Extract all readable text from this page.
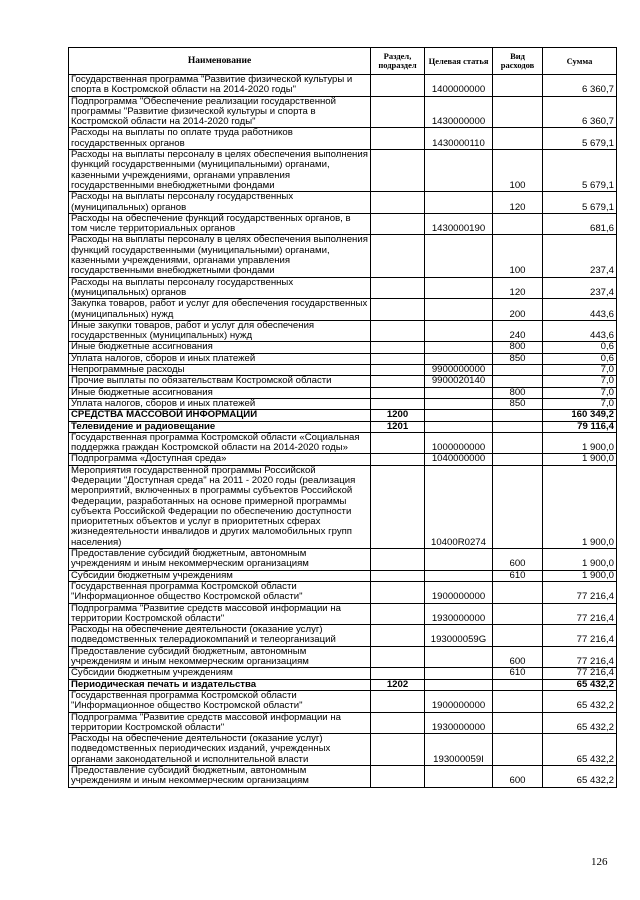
Наименование	Раздел, подраздел	Целевая статья	Вид расходов	Сумма
Государственная программа "Развитие физической культуры и спорта в Костромской области на 2014-2020 годы"		1400000000		6 360,7
Подпрограмма "Обеспечение реализации государственной программы "Развитие физической культуры и спорта в Костромской области на 2014-2020 годы"		1430000000		6 360,7
Расходы на выплаты по оплате труда работников государственных органов		1430000110		5 679,1
Расходы на выплаты персоналу в целях обеспечения выполнения функций государственными (муниципальными) органами, казенными учреждениями, органами управления государственными внебюджетными фондами			100	5 679,1
Расходы на выплаты персоналу государственных (муниципальных) органов			120	5 679,1
Расходы на обеспечение функций государственных органов, в том числе территориальных органов		1430000190		681,6
Расходы на выплаты персоналу в целях обеспечения выполнения функций государственными (муниципальными) органами, казенными учреждениями, органами управления государственными внебюджетными фондами			100	237,4
Расходы на выплаты персоналу государственных (муниципальных) органов			120	237,4
Закупка товаров, работ и услуг для обеспечения государственных (муниципальных) нужд			200	443,6
Иные закупки товаров, работ и услуг для обеспечения государственных (муниципальных) нужд			240	443,6
Иные бюджетные ассигнования			800	0,6
Уплата налогов, сборов и иных платежей			850	0,6
Непрограммные расходы		9900000000		7,0
Прочие выплаты по обязательствам Костромской области		9900020140		7,0
Иные бюджетные ассигнования			800	7,0
Уплата налогов, сборов и иных платежей			850	7,0
СРЕДСТВА МАССОВОЙ ИНФОРМАЦИИ	1200			160 349,2
Телевидение и радиовещание	1201			79 116,4
Государственная программа Костромской области «Социальная поддержка граждан Костромской области на 2014-2020 годы»		1000000000		1 900,0
Подпрограмма «Доступная среда»		1040000000		1 900,0
Мероприятия государственной программы Российской Федерации "Доступная среда" на 2011 - 2020 годы (реализация мероприятий, включенных в программы субъектов Российской Федерации, разработанных на основе примерной программы субъекта Российской Федерации по обеспечению доступности приоритетных объектов и услуг в приоритетных сферах жизнедеятельности инвалидов и других маломобильных групп населения)		10400R0274		1 900,0
Предоставление субсидий бюджетным, автономным учреждениям и иным некоммерческим организациям			600	1 900,0
Субсидии бюджетным учреждениям			610	1 900,0
Государственная программа Костромской области "Информационное общество Костромской области"		1900000000		77 216,4
Подпрограмма "Развитие средств массовой информации на территории Костромской области"		1930000000		77 216,4
Расходы на обеспечение деятельности (оказание услуг) подведомственных телерадиокомпаний и телеорганизаций		193000059G		77 216,4
Предоставление субсидий бюджетным, автономным учреждениям и иным некоммерческим организациям			600	77 216,4
Субсидии бюджетным учреждениям			610	77 216,4
Периодическая печать и издательства	1202			65 432,2
Государственная программа Костромской области "Информационное общество Костромской области"		1900000000		65 432,2
Подпрограмма "Развитие средств массовой информации на территории Костромской области"		1930000000		65 432,2
Расходы на обеспечение деятельности (оказание услуг) подведомственных периодических изданий, учрежденных органами законодательной и исполнительной власти		193000059I		65 432,2
Предоставление субсидий бюджетным, автономным учреждениям и иным некоммерческим организациям			600	65 432,2
126
